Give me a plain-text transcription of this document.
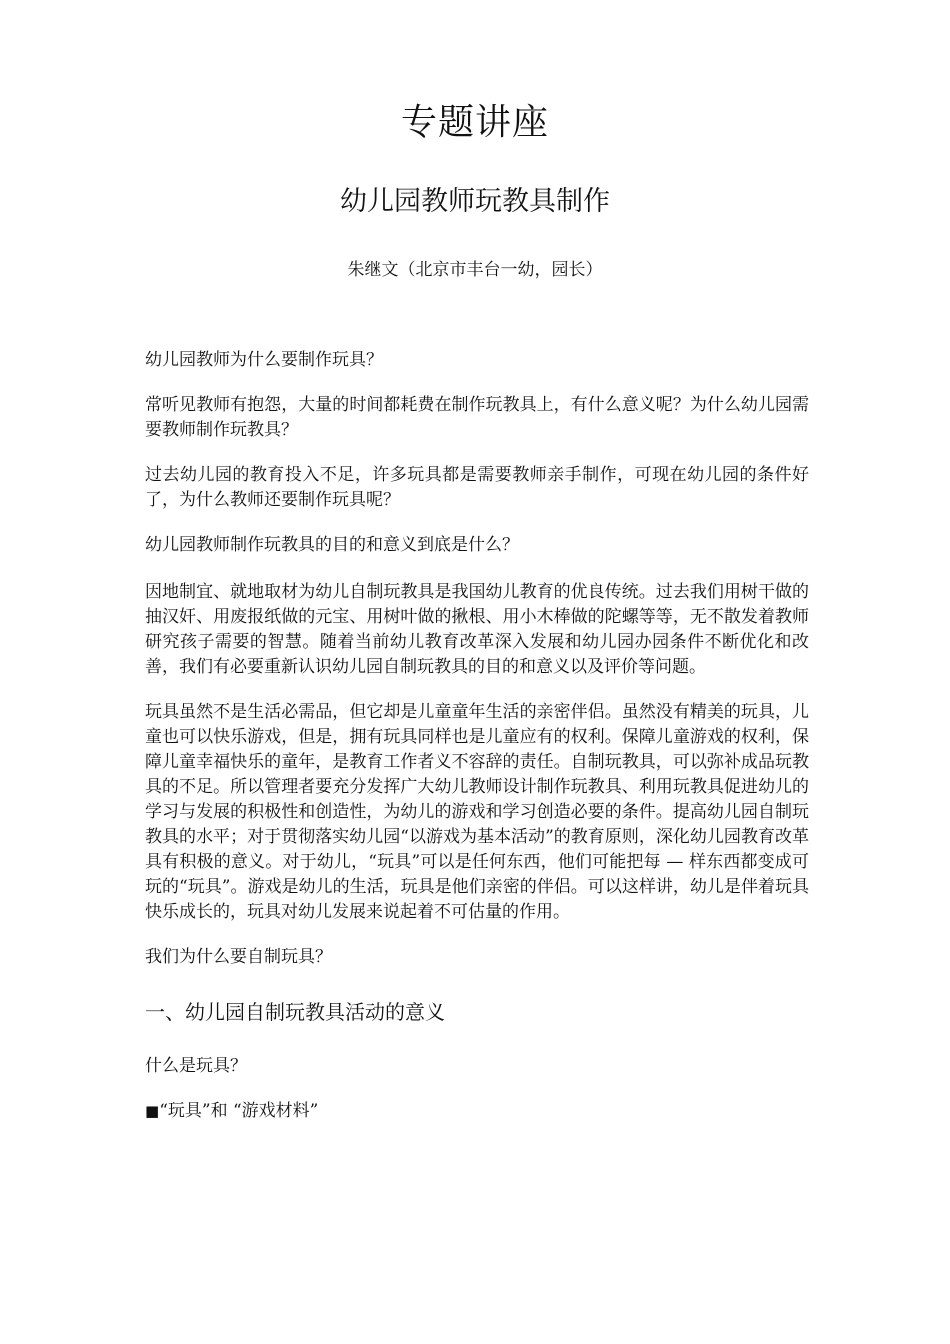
专题讲座
幼儿园教师玩教具制作
朱继文（北京市丰台一幼，园长）

幼儿园教师为什么要制作玩具？

常听见教师有抱怨，大量的时间都耗费在制作玩教具上，有什么意义呢？为什么幼儿园需要教师制作玩教具？

过去幼儿园的教育投入不足，许多玩具都是需要教师亲手制作，可现在幼儿园的条件好了，为什么教师还要制作玩具呢？

幼儿园教师制作玩教具的目的和意义到底是什么？

因地制宜、就地取材为幼儿自制玩教具是我国幼儿教育的优良传统。过去我们用树干做的抽汉奸、用废报纸做的元宝、用树叶做的揪根、用小木棒做的陀螺等等，无不散发着教师研究孩子需要的智慧。随着当前幼儿教育改革深入发展和幼儿园办园条件不断优化和改善，我们有必要重新认识幼儿园自制玩教具的目的和意义以及评价等问题。

玩具虽然不是生活必需品，但它却是儿童童年生活的亲密伴侣。虽然没有精美的玩具，儿童也可以快乐游戏，但是，拥有玩具同样也是儿童应有的权利。保障儿童游戏的权利，保障儿童幸福快乐的童年，是教育工作者义不容辞的责任。自制玩教具，可以弥补成品玩教具的不足。所以管理者要充分发挥广大幼儿教师设计制作玩教具、利用玩教具促进幼儿的学习与发展的积极性和创造性，为幼儿的游戏和学习创造必要的条件。提高幼儿园自制玩教具的水平；对于贯彻落实幼儿园“以游戏为基本活动”的教育原则，深化幼儿园教育改革具有积极的意义。对于幼儿，“玩具”可以是任何东西，他们可能把每 — 样东西都变成可玩的“玩具”。游戏是幼儿的生活，玩具是他们亲密的伴侣。可以这样讲，幼儿是伴着玩具快乐成长的，玩具对幼儿发展来说起着不可估量的作用。

我们为什么要自制玩具？

一、幼儿园自制玩教具活动的意义

什么是玩具？

■“玩具”和 “游戏材料”
